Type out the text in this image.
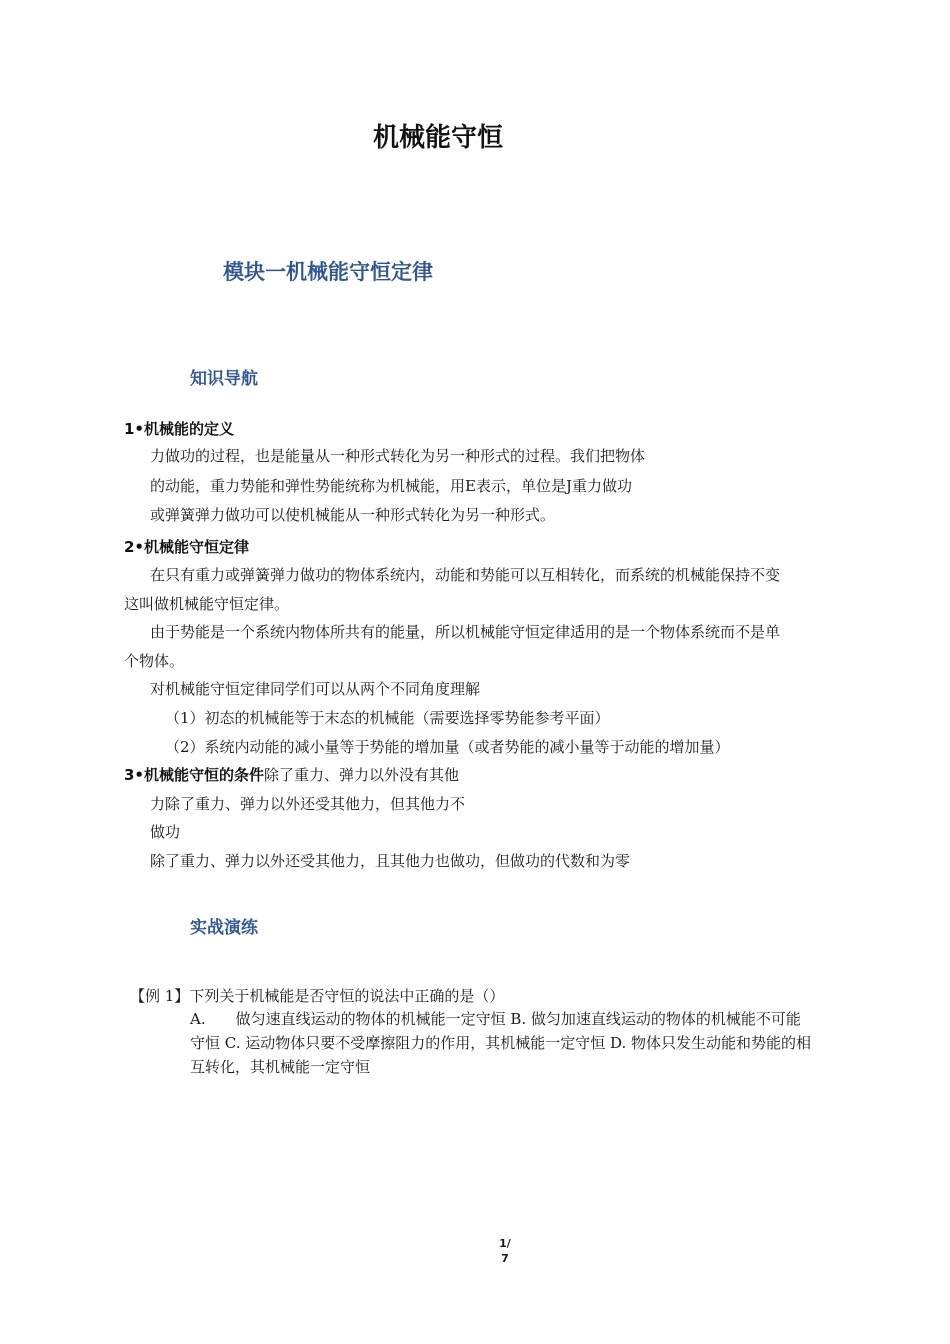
机械能守恒
模块一机械能守恒定律
知识导航
1•机械能的定义
力做功的过程，也是能量从一种形式转化为另一种形式的过程。我们把物体
的动能，重力势能和弹性势能统称为机械能，用E表示，单位是J重力做功
或弹簧弹力做功可以使机械能从一种形式转化为另一种形式。
2•机械能守恒定律
在只有重力或弹簧弹力做功的物体系统内，动能和势能可以互相转化，而系统的机械能保持不变
这叫做机械能守恒定律。
由于势能是一个系统内物体所共有的能量，所以机械能守恒定律适用的是一个物体系统而不是单
个物体。
对机械能守恒定律同学们可以从两个不同角度理解
（1）初态的机械能等于末态的机械能（需要选择零势能参考平面）
（2）系统内动能的减小量等于势能的增加量（或者势能的减小量等于动能的增加量）
3•机械能守恒的条件除了重力、弹力以外没有其他
力除了重力、弹力以外还受其他力，但其他力不
做功
除了重力、弹力以外还受其他力，且其他力也做功，但做功的代数和为零
实战演练
【例 1】下列关于机械能是否守恒的说法中正确的是（）
A.　　做匀速直线运动的物体的机械能一定守恒 B. 做匀加速直线运动的物体的机械能不可能
守恒 C. 运动物体只要不受摩擦阻力的作用，其机械能一定守恒 D. 物体只发生动能和势能的相
互转化，其机械能一定守恒
1/
7
